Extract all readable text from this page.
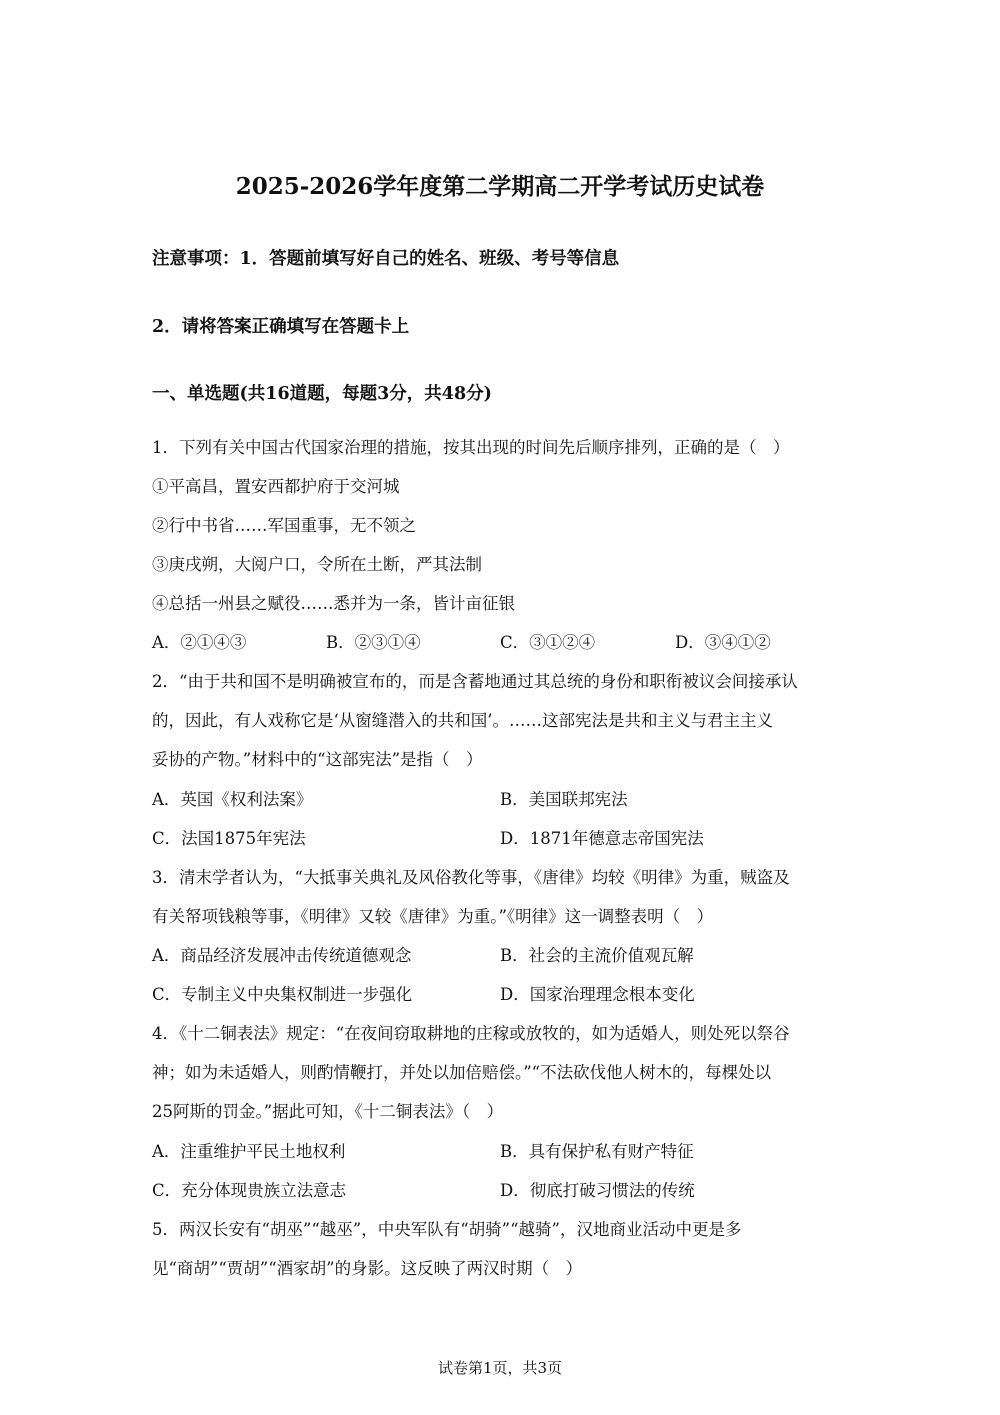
2025-2026学年度第二学期高二开学考试历史试卷
注意事项：1．答题前填写好自己的姓名、班级、考号等信息
2．请将答案正确填写在答题卡上
一、单选题(共16道题，每题3分，共48分)
1．下列有关中国古代国家治理的措施，按其出现的时间先后顺序排列，正确的是（　）
①平高昌，置安西都护府于交河城
②行中书省……军国重事，无不领之
③庚戌朔，大阅户口，令所在土断，严其法制
④总括一州县之赋役……悉并为一条，皆计亩征银
A．②①④③	B．②③①④	C．③①②④	D．③④①②
2．“由于共和国不是明确被宣布的，而是含蓄地通过其总统的身份和职衔被议会间接承认
的，因此，有人戏称它是‘从窗缝潜入的共和国’。……这部宪法是共和主义与君主主义
妥协的产物。”材料中的“这部宪法”是指（　）
A．英国《权利法案》	B．美国联邦宪法
C．法国1875年宪法	D．1871年德意志帝国宪法
3．清末学者认为，“大抵事关典礼及风俗教化等事，《唐律》均较《明律》为重，贼盗及
有关帑项钱粮等事，《明律》又较《唐律》为重。”《明律》这一调整表明（　）
A．商品经济发展冲击传统道德观念	B．社会的主流价值观瓦解
C．专制主义中央集权制进一步强化	D．国家治理理念根本变化
4．《十二铜表法》规定：“在夜间窃取耕地的庄稼或放牧的，如为适婚人，则处死以祭谷
神；如为未适婚人，则酌情鞭打，并处以加倍赔偿。”“不法砍伐他人树木的，每棵处以
25阿斯的罚金。”据此可知，《十二铜表法》（　）
A．注重维护平民土地权利	B．具有保护私有财产特征
C．充分体现贵族立法意志	D．彻底打破习惯法的传统
5．两汉长安有“胡巫”“越巫”，中央军队有“胡骑”“越骑”，汉地商业活动中更是多
见“商胡”“贾胡”“酒家胡”的身影。这反映了两汉时期（　）
试卷第1页，共3页
